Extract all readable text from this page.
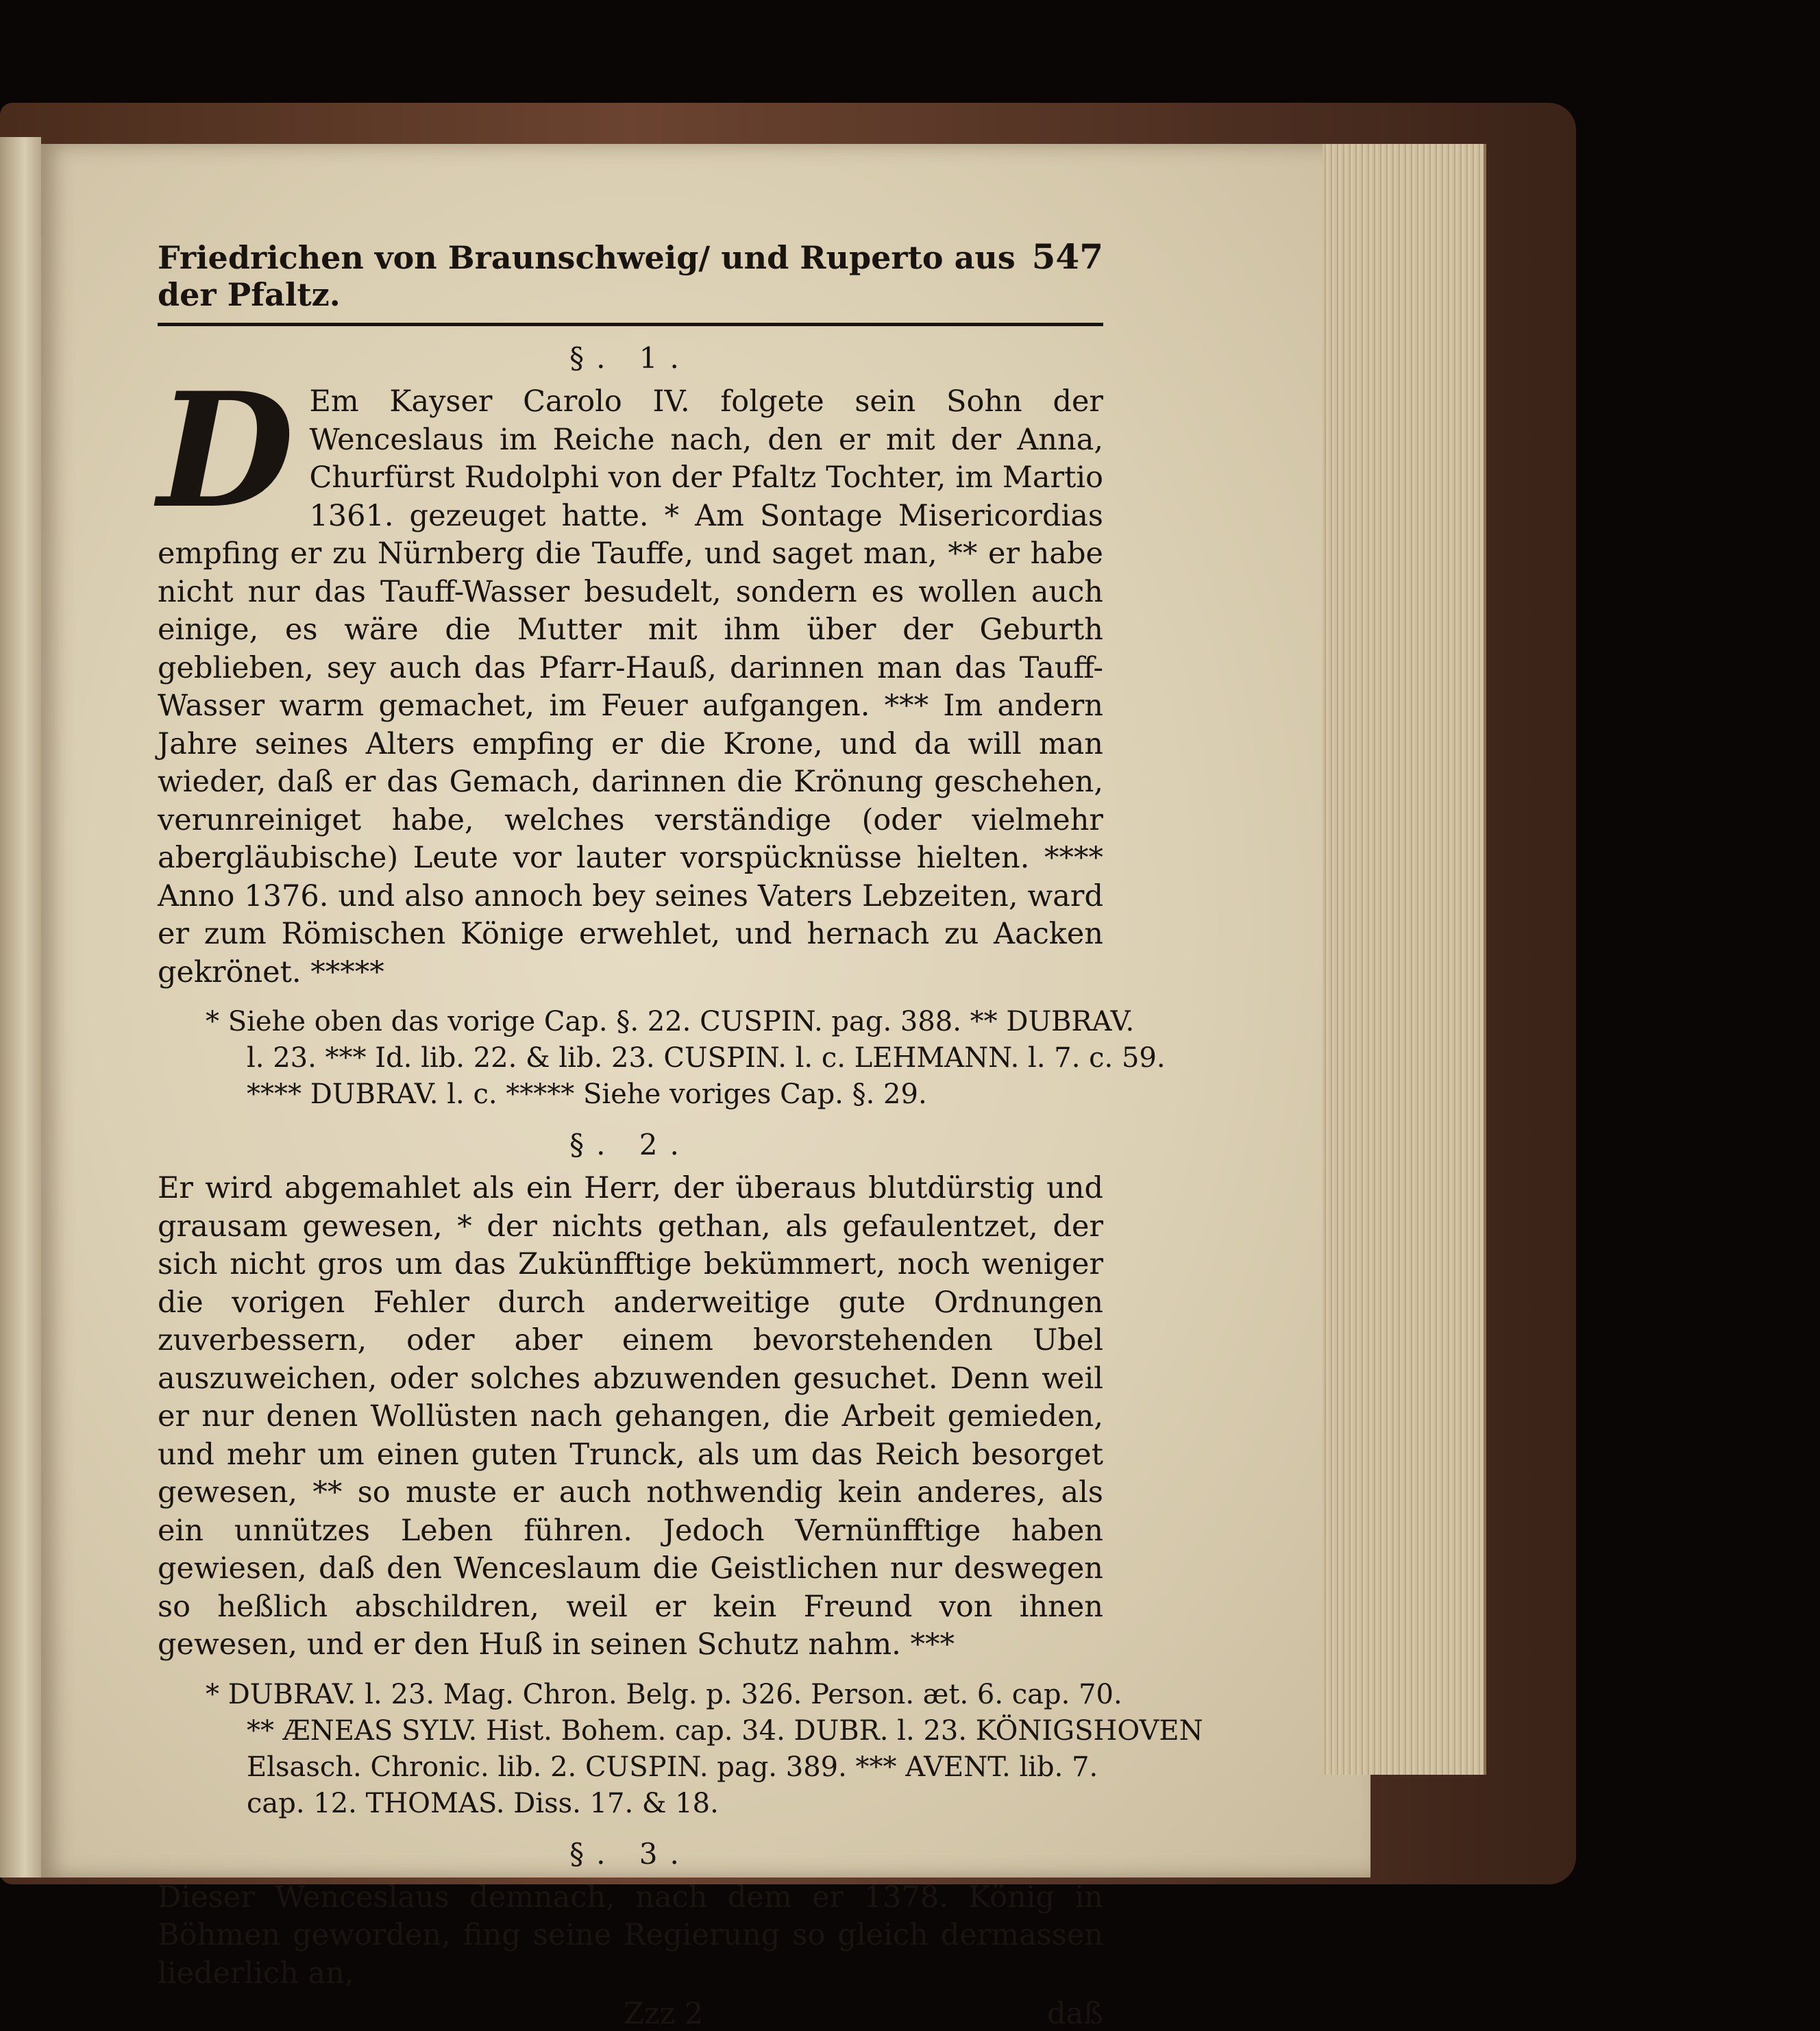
Friedrichen von Braunschweig/ und Ruperto aus der Pfaltz.
547
§. 1.

D Em Kayser Carolo IV. folgete sein Sohn der Wenceslaus im Reiche nach, den er mit der Anna, Churfürst Rudolphi von der Pfaltz Tochter, im Martio 1361. gezeuget hatte. * Am Sontage Misericordias empfing er zu Nürnberg die Tauffe, und saget man, ** er habe nicht nur das Tauff-Wasser besudelt, sondern es wollen auch einige, es wäre die Mutter mit ihm über der Geburth geblieben, sey auch das Pfarr-Hauß, darinnen man das Tauff-Wasser warm gemachet, im Feuer aufgangen. *** Im andern Jahre seines Alters empfing er die Krone, und da will man wieder, daß er das Gemach, darinnen die Krönung geschehen, verunreiniget habe, welches verständige (oder vielmehr abergläubische) Leute vor lauter vorspücknüsse hielten. **** Anno 1376. und also annoch bey seines Vaters Lebzeiten, ward er zum Römischen Könige erwehlet, und hernach zu Aacken gekrönet. *****

* Siehe oben das vorige Cap. §. 22. CUSPIN. pag. 388. ** DUBRAV.
l. 23. *** Id. lib. 22. & lib. 23. CUSPIN. l. c. LEHMANN. l. 7. c. 59.
**** DUBRAV. l. c. ***** Siehe voriges Cap. §. 29.
§. 2.

Er wird abgemahlet als ein Herr, der überaus blutdürstig und grausam gewesen, * der nichts gethan, als gefaulentzet, der sich nicht gros um das Zukünfftige bekümmert, noch weniger die vorigen Fehler durch anderweitige gute Ordnungen zuverbessern, oder aber einem bevorstehenden Ubel auszuweichen, oder solches abzuwenden gesuchet. Denn weil er nur denen Wollüsten nach gehangen, die Arbeit gemieden, und mehr um einen guten Trunck, als um das Reich besorget gewesen, ** so muste er auch nothwendig kein anderes, als ein unnützes Leben führen. Jedoch Vernünfftige haben gewiesen, daß den Wenceslaum die Geistlichen nur deswegen so heßlich abschildren, weil er kein Freund von ihnen gewesen, und er den Huß in seinen Schutz nahm. ***

* DUBRAV. l. 23. Mag. Chron. Belg. p. 326. Person. æt. 6. cap. 70.
** ÆNEAS SYLV. Hist. Bohem. cap. 34. DUBR. l. 23. KÖNIGSHOVEN
Elsasch. Chronic. lib. 2. CUSPIN. pag. 389. *** AVENT. lib. 7.
cap. 12. THOMAS. Diss. 17. & 18.
§. 3.

Dieser Wenceslaus demnach, nach dem er 1378. König in Böhmen geworden, fing seine Regierung so gleich dermassen liederlich an,

Zzz 2	daß
